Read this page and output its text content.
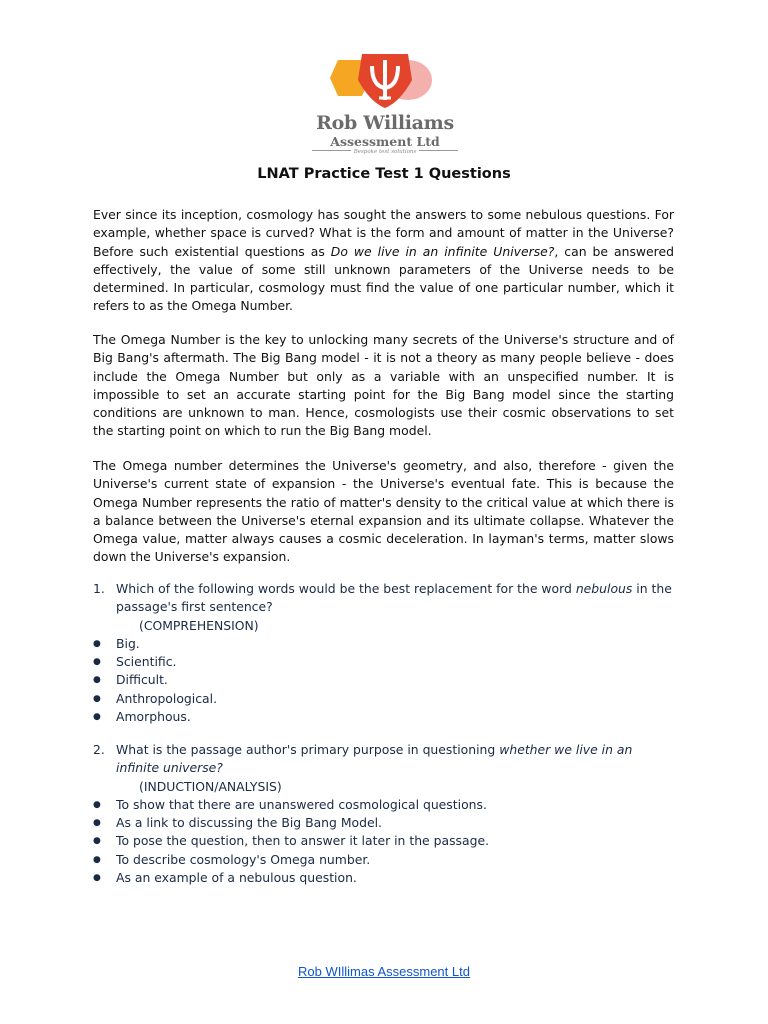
Rob Williams
Assessment Ltd
Bespoke test solutions
LNAT Practice Test 1 Questions

Ever since its inception, cosmology has sought the answers to some nebulous questions. For example, whether space is curved? What is the form and amount of matter in the Universe? Before such existential questions as Do we live in an infinite Universe?, can be answered effectively, the value of some still unknown parameters of the Universe needs to be determined. In particular, cosmology must find the value of one particular number, which it refers to as the Omega Number.

The Omega Number is the key to unlocking many secrets of the Universe's structure and of Big Bang's aftermath. The Big Bang model - it is not a theory as many people believe - does include the Omega Number but only as a variable with an unspecified number. It is impossible to set an accurate starting point for the Big Bang model since the starting conditions are unknown to man. Hence, cosmologists use their cosmic observations to set the starting point on which to run the Big Bang model.

The Omega number determines the Universe's geometry, and also, therefore - given the Universe's current state of expansion - the Universe's eventual fate. This is because the Omega Number represents the ratio of matter's density to the critical value at which there is a balance between the Universe's eternal expansion and its ultimate collapse. Whatever the Omega value, matter always causes a cosmic deceleration. In layman's terms, matter slows down the Universe's expansion.

1. Which of the following words would be the best replacement for the word nebulous in the passage's first sentence?
(COMPREHENSION)
●	Big.
●	Scientific.
●	Difficult.
●	Anthropological.
●	Amorphous.
2. What is the passage author's primary purpose in questioning whether we live in an infinite universe?
(INDUCTION/ANALYSIS)
●	To show that there are unanswered cosmological questions.
●	As a link to discussing the Big Bang Model.
●	To pose the question, then to answer it later in the passage.
●	To describe cosmology's Omega number.
●	As an example of a nebulous question.
Rob WIllimas Assessment Ltd
